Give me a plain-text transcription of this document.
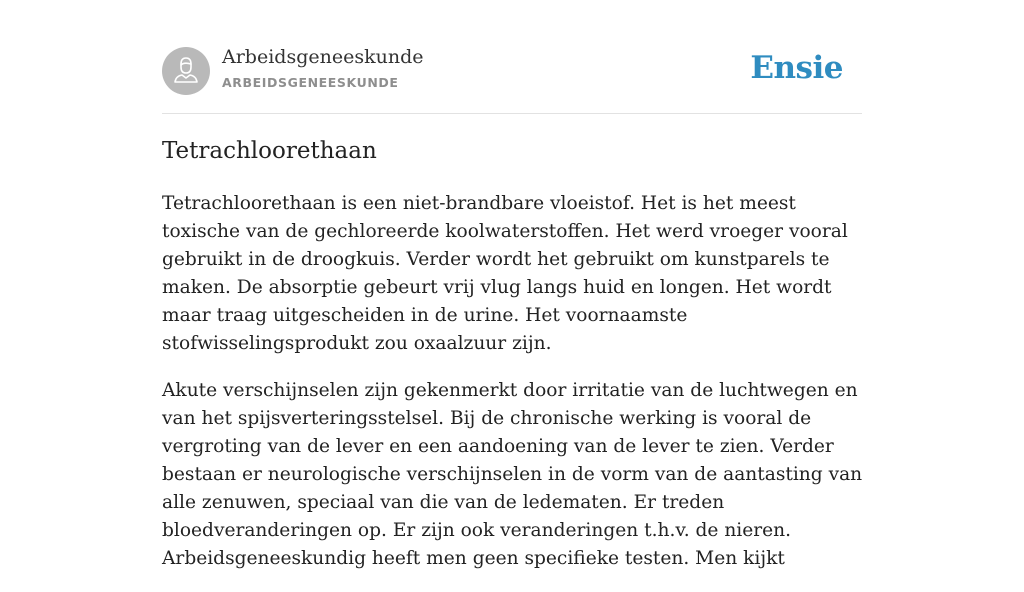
Arbeidsgeneeskunde
ARBEIDSGENEESKUNDE	Ensie
Tetrachloorethaan

Tetrachloorethaan is een niet-brandbare vloeistof. Het is het meest toxische van de gechloreerde koolwaterstoffen. Het werd vroeger vooral gebruikt in de droogkuis. Verder wordt het gebruikt om kunstparels te maken. De absorptie gebeurt vrij vlug langs huid en longen. Het wordt maar traag uitgescheiden in de urine. Het voornaamste stofwisselingsprodukt zou oxaalzuur zijn.

Akute verschijnselen zijn gekenmerkt door irritatie van de luchtwegen en van het spijsverteringsstelsel. Bij de chronische werking is vooral de vergroting van de lever en een aandoening van de lever te zien. Verder bestaan er neurologische verschijnselen in de vorm van de aantasting van alle zenuwen, speciaal van die van de ledematen. Er treden bloedveranderingen op. Er zijn ook veranderingen t.h.v. de nieren. Arbeidsgeneeskundig heeft men geen specifieke testen. Men kijkt
